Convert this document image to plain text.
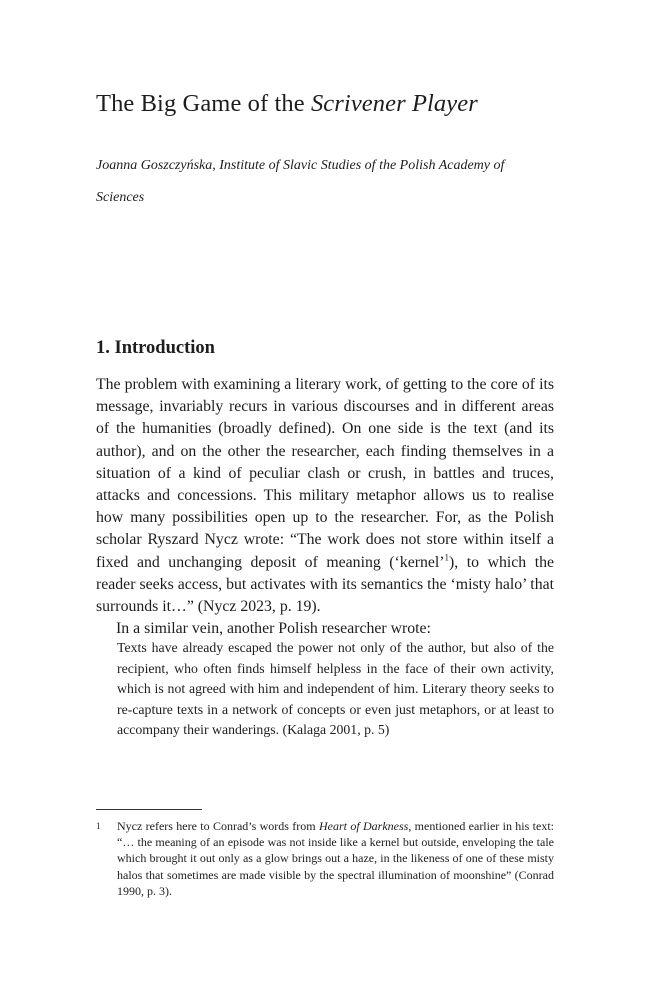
The Big Game of the Scrivener Player

Joanna Goszczyńska, Institute of Slavic Studies of the Polish Academy of Sciences

1. Introduction

The problem with examining a literary work, of getting to the core of its message, invariably recurs in various discourses and in different areas of the humanities (broadly defined). On one side is the text (and its author), and on the other the researcher, each finding themselves in a situation of a kind of peculiar clash or crush, in battles and truces, attacks and concessions. This military metaphor allows us to realise how many possibilities open up to the researcher. For, as the Polish scholar Ryszard Nycz wrote: “The work does not store within itself a fixed and unchanging deposit of meaning (‘kernel’$^1$), to which the reader seeks access, but activates with its semantics the ‘misty halo’ that surrounds it…” (Nycz 2023, p. 19).

In a similar vein, another Polish researcher wrote:

Texts have already escaped the power not only of the author, but also of the recipient, who often finds himself helpless in the face of their own activity, which is not agreed with him and independent of him. Literary theory seeks to re-capture texts in a network of concepts or even just metaphors, or at least to accompany their wanderings. (Kalaga 2001, p. 5)

1 Nycz refers here to Conrad’s words from Heart of Darkness, mentioned earlier in his text: “… the meaning of an episode was not inside like a kernel but outside, enveloping the tale which brought it out only as a glow brings out a haze, in the likeness of one of these misty halos that sometimes are made visible by the spectral illumination of moonshine” (Conrad 1990, p. 3).
